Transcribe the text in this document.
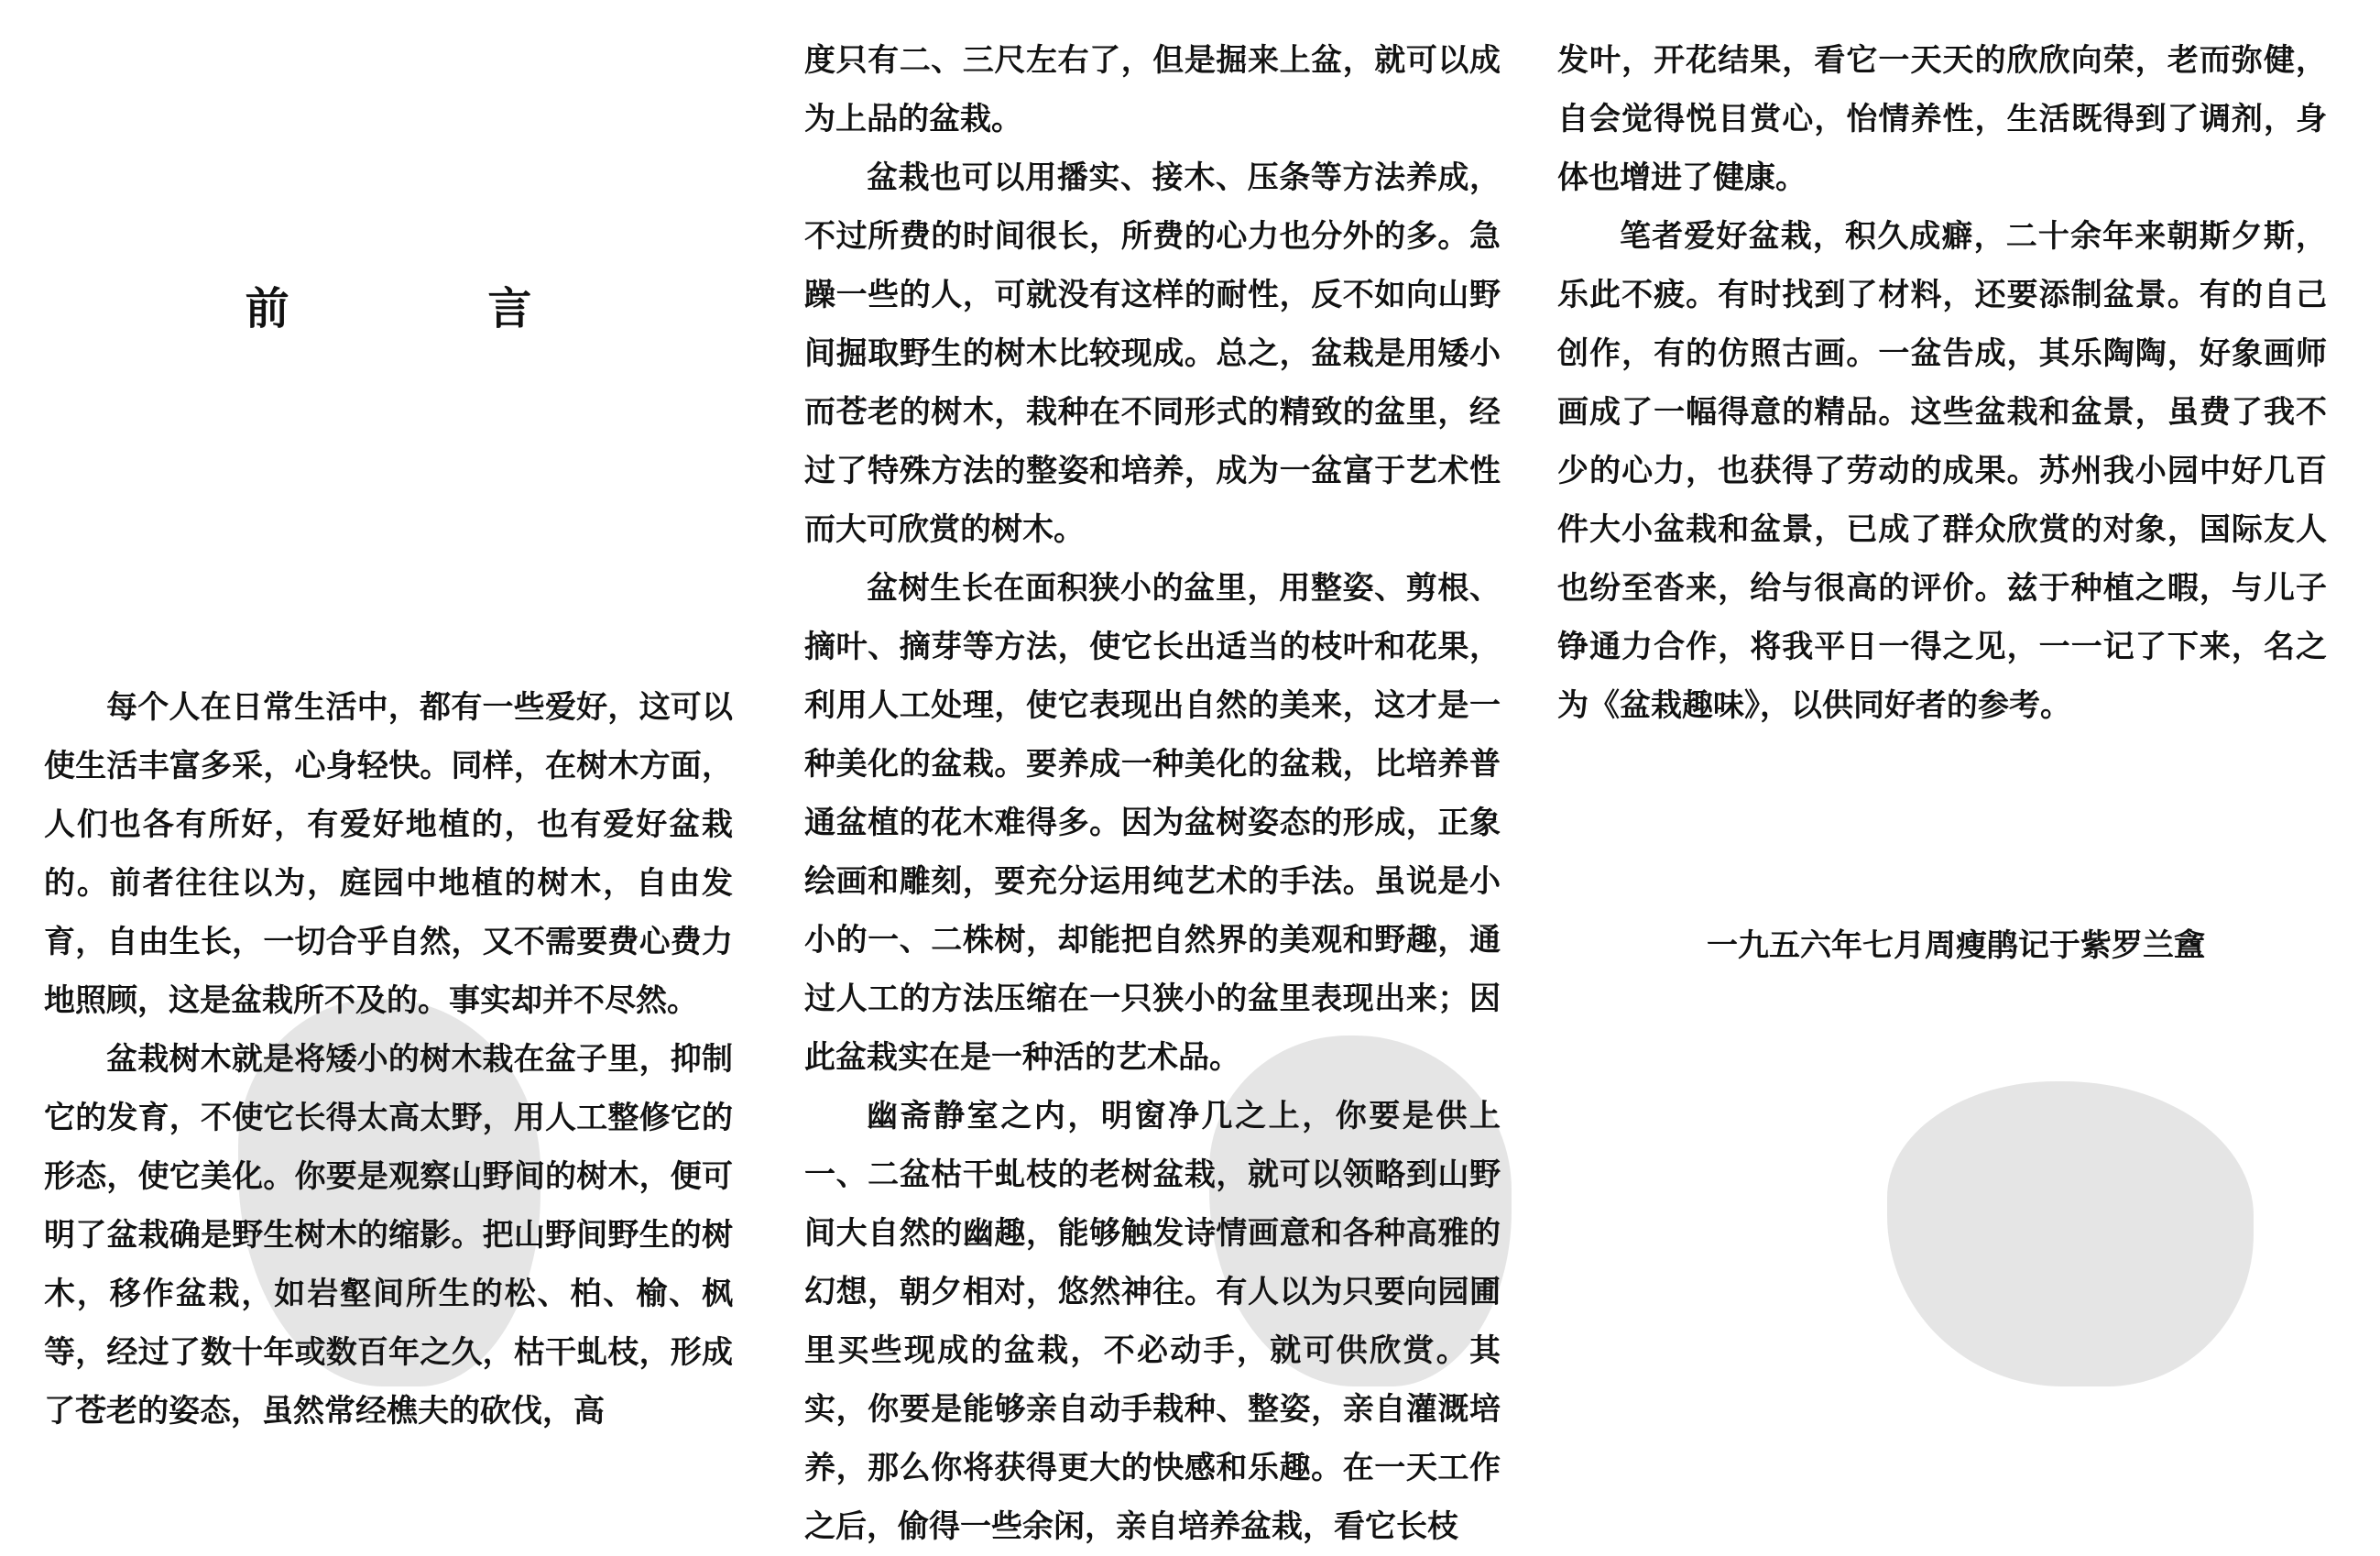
前 言

每个人在日常生活中，都有一些爱好，这可以使生活丰富多采，心身轻快。同样，在树木方面，人们也各有所好，有爱好地植的，也有爱好盆栽的。前者往往以为，庭园中地植的树木，自由发育，自由生长，一切合乎自然，又不需要费心费力地照顾，这是盆栽所不及的。事实却并不尽然。

盆栽树木就是将矮小的树木栽在盆子里，抑制它的发育，不使它长得太高太野，用人工整修它的形态，使它美化。你要是观察山野间的树木，便可明了盆栽确是野生树木的缩影。把山野间野生的树木，移作盆栽，如岩壑间所生的松、柏、榆、枫等，经过了数十年或数百年之久，枯干虬枝，形成了苍老的姿态，虽然常经樵夫的砍伐，高

度只有二、三尺左右了，但是掘来上盆，就可以成为上品的盆栽。

盆栽也可以用播实、接木、压条等方法养成，不过所费的时间很长，所费的心力也分外的多。急躁一些的人，可就没有这样的耐性，反不如向山野间掘取野生的树木比较现成。总之，盆栽是用矮小而苍老的树木，栽种在不同形式的精致的盆里，经过了特殊方法的整姿和培养，成为一盆富于艺术性而大可欣赏的树木。

盆树生长在面积狭小的盆里，用整姿、剪根、摘叶、摘芽等方法，使它长出适当的枝叶和花果，利用人工处理，使它表现出自然的美来，这才是一种美化的盆栽。要养成一种美化的盆栽，比培养普通盆植的花木难得多。因为盆树姿态的形成，正象绘画和雕刻，要充分运用纯艺术的手法。虽说是小小的一、二株树，却能把自然界的美观和野趣，通过人工的方法压缩在一只狭小的盆里表现出来；因此盆栽实在是一种活的艺术品。

幽斋静室之内，明窗净几之上，你要是供上一、二盆枯干虬枝的老树盆栽，就可以领略到山野间大自然的幽趣，能够触发诗情画意和各种高雅的幻想，朝夕相对，悠然神往。有人以为只要向园圃里买些现成的盆栽，不必动手，就可供欣赏。其实，你要是能够亲自动手栽种、整姿，亲自灌溉培养，那么你将获得更大的快感和乐趣。在一天工作之后，偷得一些余闲，亲自培养盆栽，看它长枝

发叶，开花结果，看它一天天的欣欣向荣，老而弥健，自会觉得悦目赏心，怡情养性，生活既得到了调剂，身体也增进了健康。

笔者爱好盆栽，积久成癖，二十余年来朝斯夕斯，乐此不疲。有时找到了材料，还要添制盆景。有的自己创作，有的仿照古画。一盆告成，其乐陶陶，好象画师画成了一幅得意的精品。这些盆栽和盆景，虽费了我不少的心力，也获得了劳动的成果。苏州我小园中好几百件大小盆栽和盆景，已成了群众欣赏的对象，国际友人也纷至沓来，给与很高的评价。兹于种植之暇，与儿子铮通力合作，将我平日一得之见，一一记了下来，名之为《盆栽趣味》，以供同好者的参考。

一九五六年七月周瘦鹃记于紫罗兰盦
